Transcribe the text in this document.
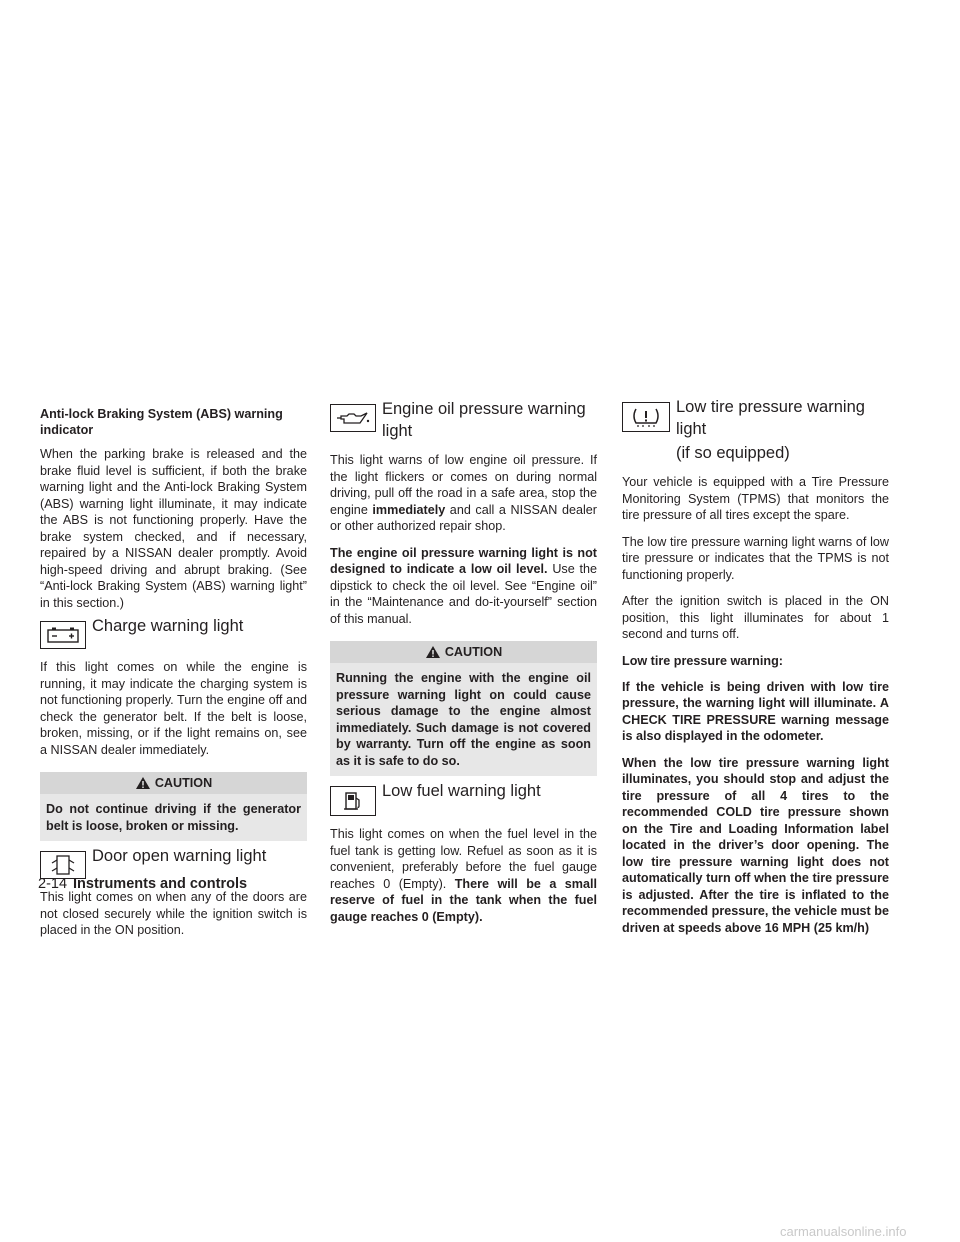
Anti-lock Braking System (ABS) warning indicator

When the parking brake is released and the brake fluid level is sufficient, if both the brake warning light and the Anti-lock Braking System (ABS) warning light illuminate, it may indicate the ABS is not functioning properly. Have the brake system checked, and if necessary, repaired by a NISSAN dealer promptly. Avoid high-speed driving and abrupt braking. (See “Anti-lock Braking System (ABS) warning light” in this section.)

Charge warning light

If this light comes on while the engine is running, it may indicate the charging system is not functioning properly. Turn the engine off and check the generator belt. If the belt is loose, broken, missing, or if the light remains on, see a NISSAN dealer immediately.

CAUTION
Do not continue driving if the generator belt is loose, broken or missing.
Door open warning light

This light comes on when any of the doors are not closed securely while the ignition switch is placed in the ON position.

Engine oil pressure warning light

This light warns of low engine oil pressure. If the light flickers or comes on during normal driving, pull off the road in a safe area, stop the engine immediately and call a NISSAN dealer or other authorized repair shop.

The engine oil pressure warning light is not designed to indicate a low oil level. Use the dipstick to check the oil level. See “Engine oil” in the “Maintenance and do-it-yourself” section of this manual.

CAUTION
Running the engine with the engine oil pressure warning light on could cause serious damage to the engine almost immediately. Such damage is not covered by warranty. Turn off the engine as soon as it is safe to do so.
Low fuel warning light

This light comes on when the fuel level in the fuel tank is getting low. Refuel as soon as it is convenient, preferably before the fuel gauge reaches 0 (Empty). There will be a small reserve of fuel in the tank when the fuel gauge reaches 0 (Empty).

Low tire pressure warning light
(if so equipped)

Your vehicle is equipped with a Tire Pressure Monitoring System (TPMS) that monitors the tire pressure of all tires except the spare.

The low tire pressure warning light warns of low tire pressure or indicates that the TPMS is not functioning properly.

After the ignition switch is placed in the ON position, this light illuminates for about 1 second and turns off.

Low tire pressure warning:

If the vehicle is being driven with low tire pressure, the warning light will illuminate. A CHECK TIRE PRESSURE warning message is also displayed in the odometer.

When the low tire pressure warning light illuminates, you should stop and adjust the tire pressure of all 4 tires to the recommended COLD tire pressure shown on the Tire and Loading Information label located in the driver’s door opening. The low tire pressure warning light does not automatically turn off when the tire pressure is adjusted. After the tire is inflated to the recommended pressure, the vehicle must be driven at speeds above 16 MPH (25 km/h)

2-14 Instruments and controls
carmanualsonline.info
